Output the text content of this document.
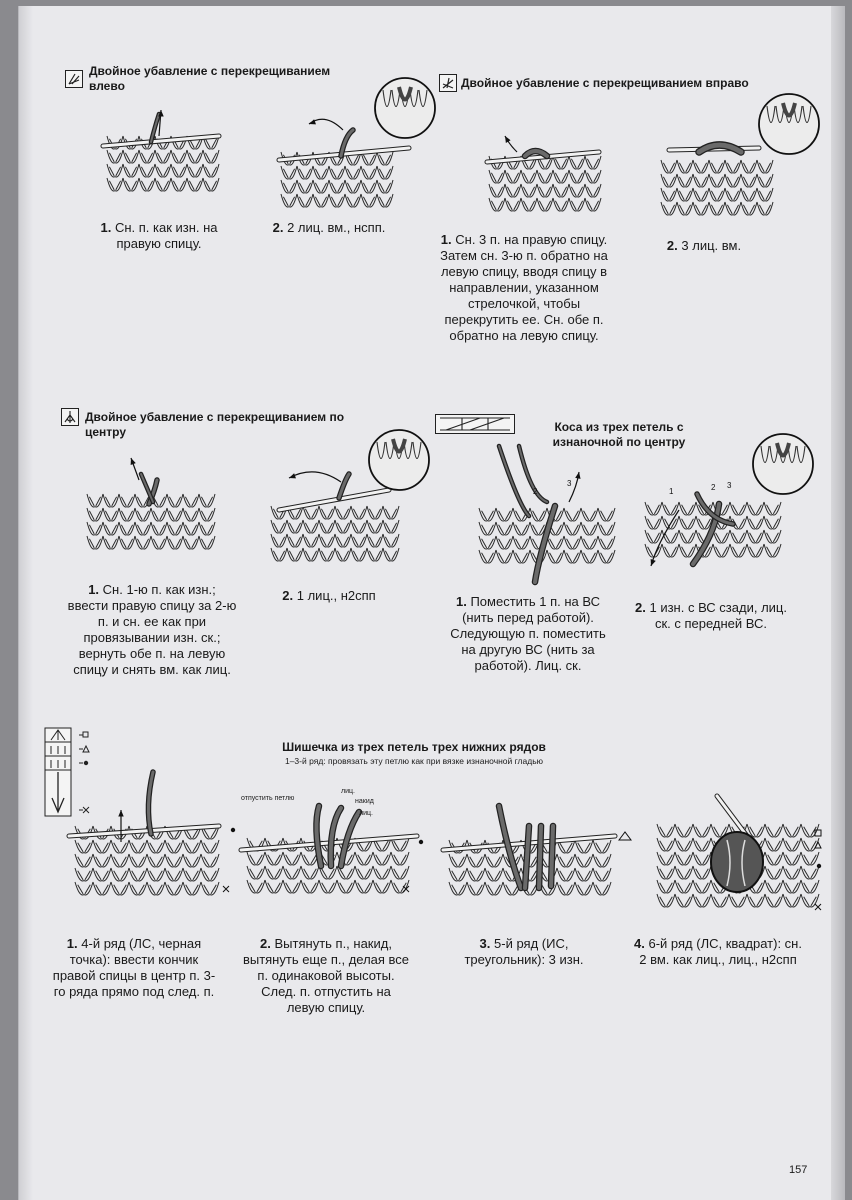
Двойное убавление с перекрещиванием влево
1. Сн. п. как изн. на правую спицу.
2. 2 лиц. вм., нспп.
Двойное убавление с перекрещиванием вправо
1. Сн. 3 п. на правую спицу. Затем сн. 3-ю п. обратно на левую спицу, вводя спицу в направлении, указанном стрелочкой, чтобы перекрутить ее. Сн. обе п. обратно на левую спицу.
2. 3 лиц. вм.
Двойное убавление с перекрещиванием по центру
1. Сн. 1-ю п. как изн.; ввести правую спицу за 2-ю п. и сн. ее как при провязывании изн. ск.; вернуть обе п. на левую спицу и снять вм. как лиц.
2. 1 лиц., н2спп
Коса из трех петель с изнаночной по центру
2
3
1	2 3
1. Поместить 1 п. на ВС (нить перед работой). Следующую п. поместить на другую ВС (нить за работой). Лиц. ск.
2. 1 изн. с ВС сзади, лиц. ск. с передней ВС.
Шишечка из трех петель трех нижних рядов
1–3-й ряд: провязать эту петлю как при вязке изнаночной гладью
отпустить петлю
лиц.
накид
лиц.
1. 4-й ряд (ЛС, черная точка): ввести кончик правой спицы в центр п. 3-го ряда прямо под след. п.
2. Вытянуть п., накид, вытянуть еще п., делая все п. одинаковой высоты. След. п. отпустить на левую спицу.
3. 5-й ряд (ИС, треугольник): 3 изн.
4. 6-й ряд (ЛС, квадрат): сн. 2 вм. как лиц., лиц., н2спп
157
